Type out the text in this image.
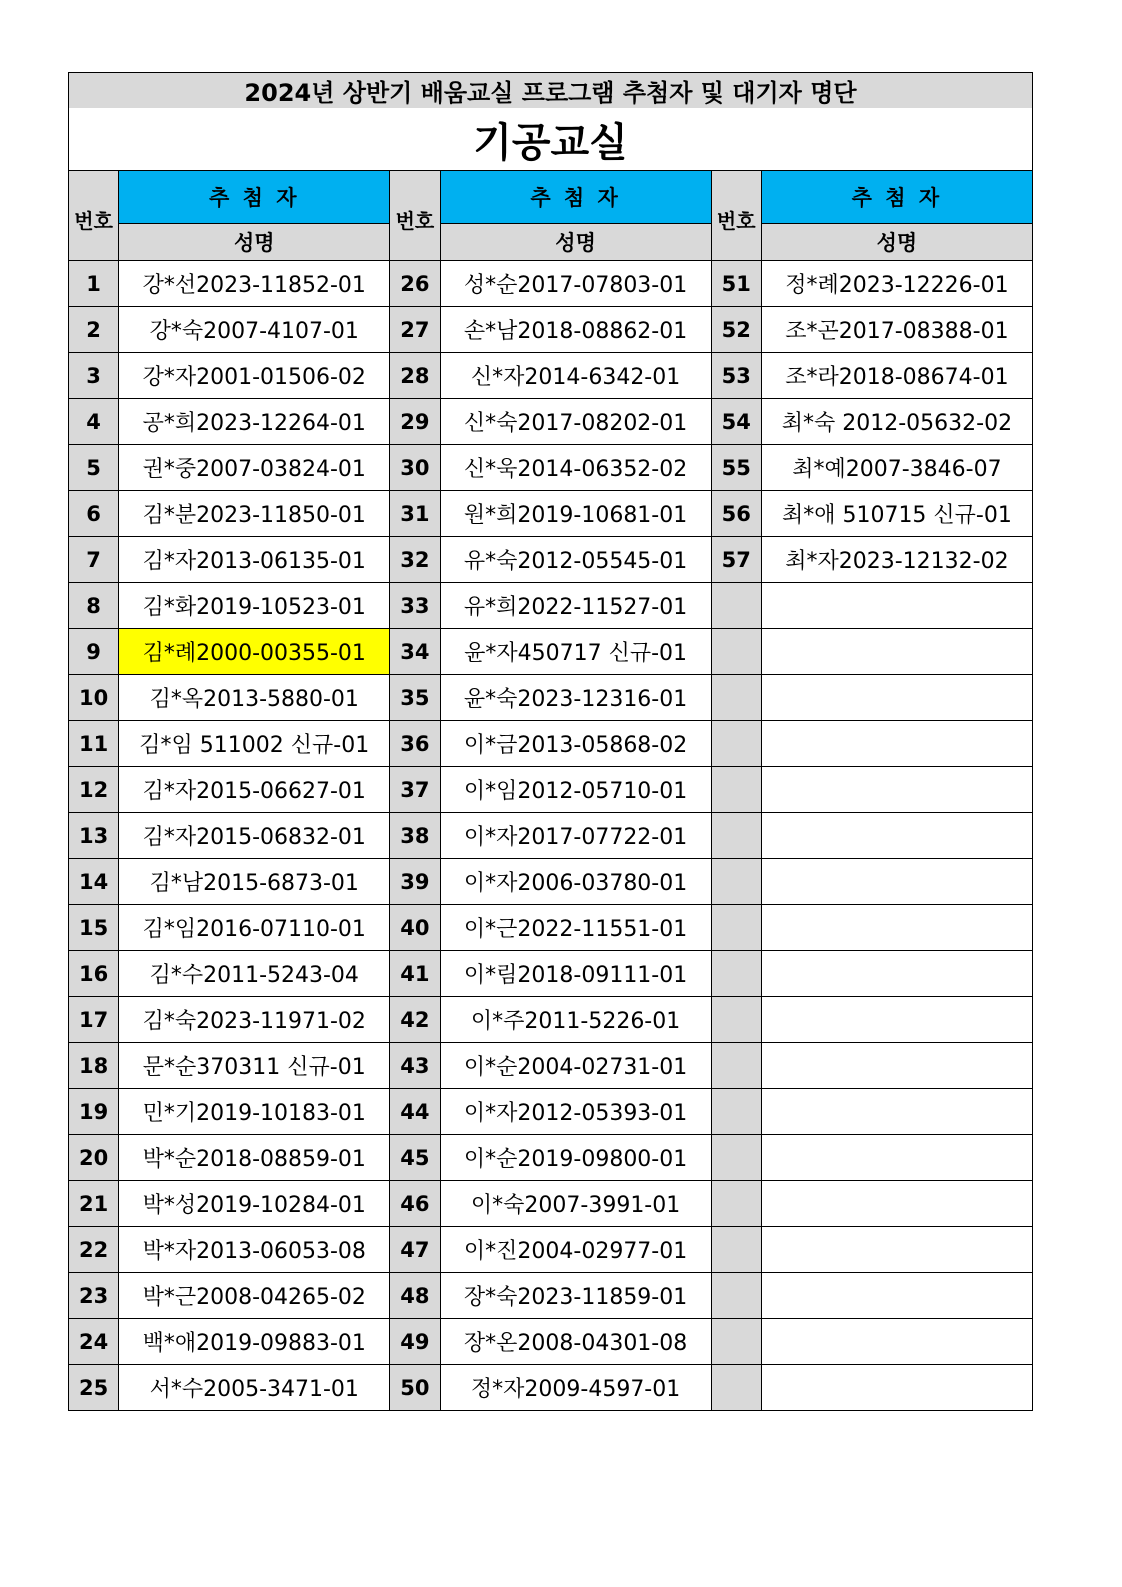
2024년 상반기 배움교실 프로그램 추첨자 및 대기자 명단					
기공교실					
번호	추 첨 자	번호	추 첨 자	번호	추 첨 자
	성명		성명		성명
1	강*선2023-11852-01	26	성*순2017-07803-01	51	정*례2023-12226-01
2	강*숙2007-4107-01	27	손*남2018-08862-01	52	조*곤2017-08388-01
3	강*자2001-01506-02	28	신*자2014-6342-01	53	조*라2018-08674-01
4	공*희2023-12264-01	29	신*숙2017-08202-01	54	최*숙 2012-05632-02
5	권*중2007-03824-01	30	신*욱2014-06352-02	55	최*예2007-3846-07
6	김*분2023-11850-01	31	원*희2019-10681-01	56	최*애 510715 신규-01
7	김*자2013-06135-01	32	유*숙2012-05545-01	57	최*자2023-12132-02
8	김*화2019-10523-01	33	유*희2022-11527-01		
9	김*례2000-00355-01	34	윤*자450717 신규-01		
10	김*옥2013-5880-01	35	윤*숙2023-12316-01		
11	김*임 511002 신규-01	36	이*금2013-05868-02		
12	김*자2015-06627-01	37	이*임2012-05710-01		
13	김*자2015-06832-01	38	이*자2017-07722-01		
14	김*남2015-6873-01	39	이*자2006-03780-01		
15	김*임2016-07110-01	40	이*근2022-11551-01		
16	김*수2011-5243-04	41	이*림2018-09111-01		
17	김*숙2023-11971-02	42	이*주2011-5226-01		
18	문*순370311 신규-01	43	이*순2004-02731-01		
19	민*기2019-10183-01	44	이*자2012-05393-01		
20	박*순2018-08859-01	45	이*순2019-09800-01		
21	박*성2019-10284-01	46	이*숙2007-3991-01		
22	박*자2013-06053-08	47	이*진2004-02977-01		
23	박*근2008-04265-02	48	장*숙2023-11859-01		
24	백*애2019-09883-01	49	장*온2008-04301-08		
25	서*수2005-3471-01	50	정*자2009-4597-01		
